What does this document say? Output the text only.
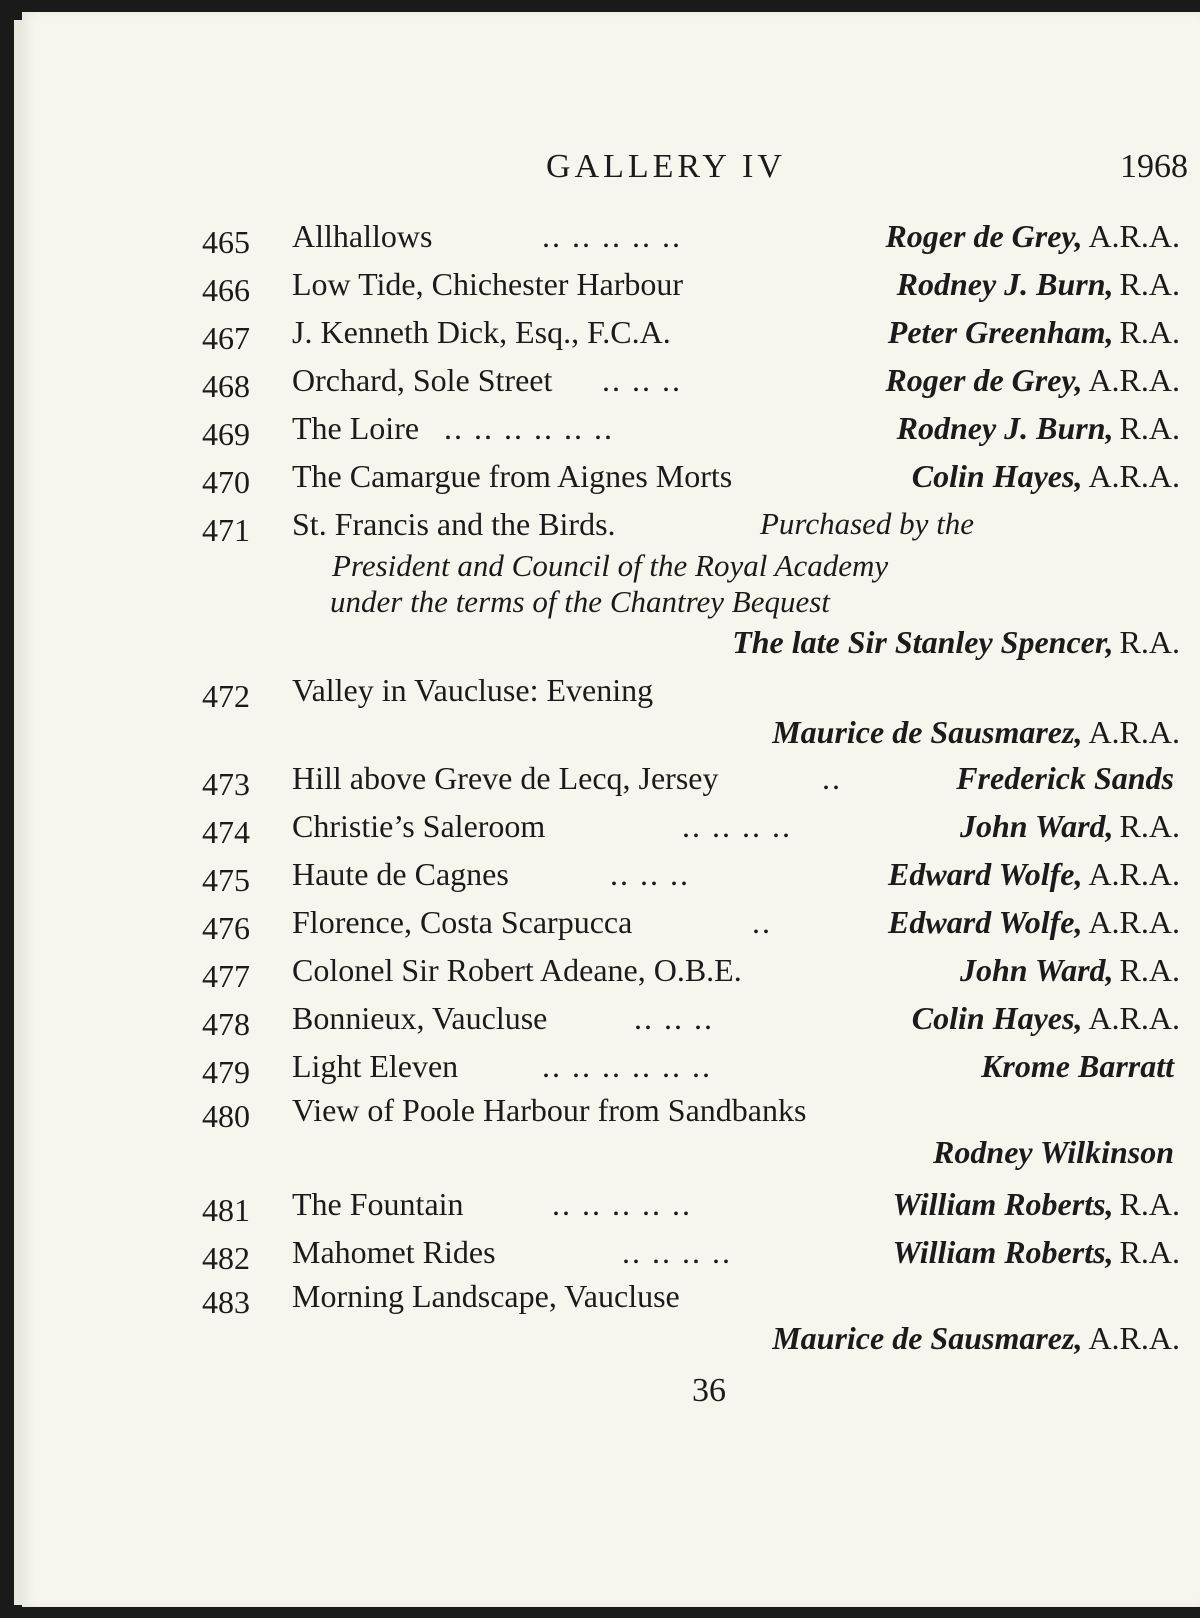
GALLERY IV	1968
465	Allhallows	.. .. .. .. ..	Roger de Grey, A.R.A.
466	Low Tide, Chichester Harbour	Rodney J. Burn, R.A.
467	J. Kenneth Dick, Esq., F.C.A.	Peter Greenham, R.A.
468	Orchard, Sole Street .. .. ..	Roger de Grey, A.R.A.
469	The Loire .. .. .. .. .. ..	Rodney J. Burn, R.A.
470	The Camargue from Aignes Morts	Colin Hayes, A.R.A.
471	St. Francis and the Birds.	Purchased by the
President and Council of the Royal Academy
under the terms of the Chantrey Bequest
The late Sir Stanley Spencer, R.A.
472	Valley in Vaucluse: Evening
Maurice de Sausmarez, A.R.A.
473	Hill above Greve de Lecq, Jersey	..	Frederick Sands
474	Christie’s Saleroom	.. .. .. ..	John Ward, R.A.
475	Haute de Cagnes	.. .. ..	Edward Wolfe, A.R.A.
476	Florence, Costa Scarpucca	..	Edward Wolfe, A.R.A.
477	Colonel Sir Robert Adeane, O.B.E.	John Ward, R.A.
478	Bonnieux, Vaucluse	.. .. ..	Colin Hayes, A.R.A.
479	Light Eleven	.. .. .. .. .. ..	Krome Barratt
480	View of Poole Harbour from Sandbanks
Rodney Wilkinson
481	The Fountain	.. .. .. .. ..	William Roberts, R.A.
482	Mahomet Rides	.. .. .. ..	William Roberts, R.A.
483	Morning Landscape, Vaucluse
Maurice de Sausmarez, A.R.A.
36
